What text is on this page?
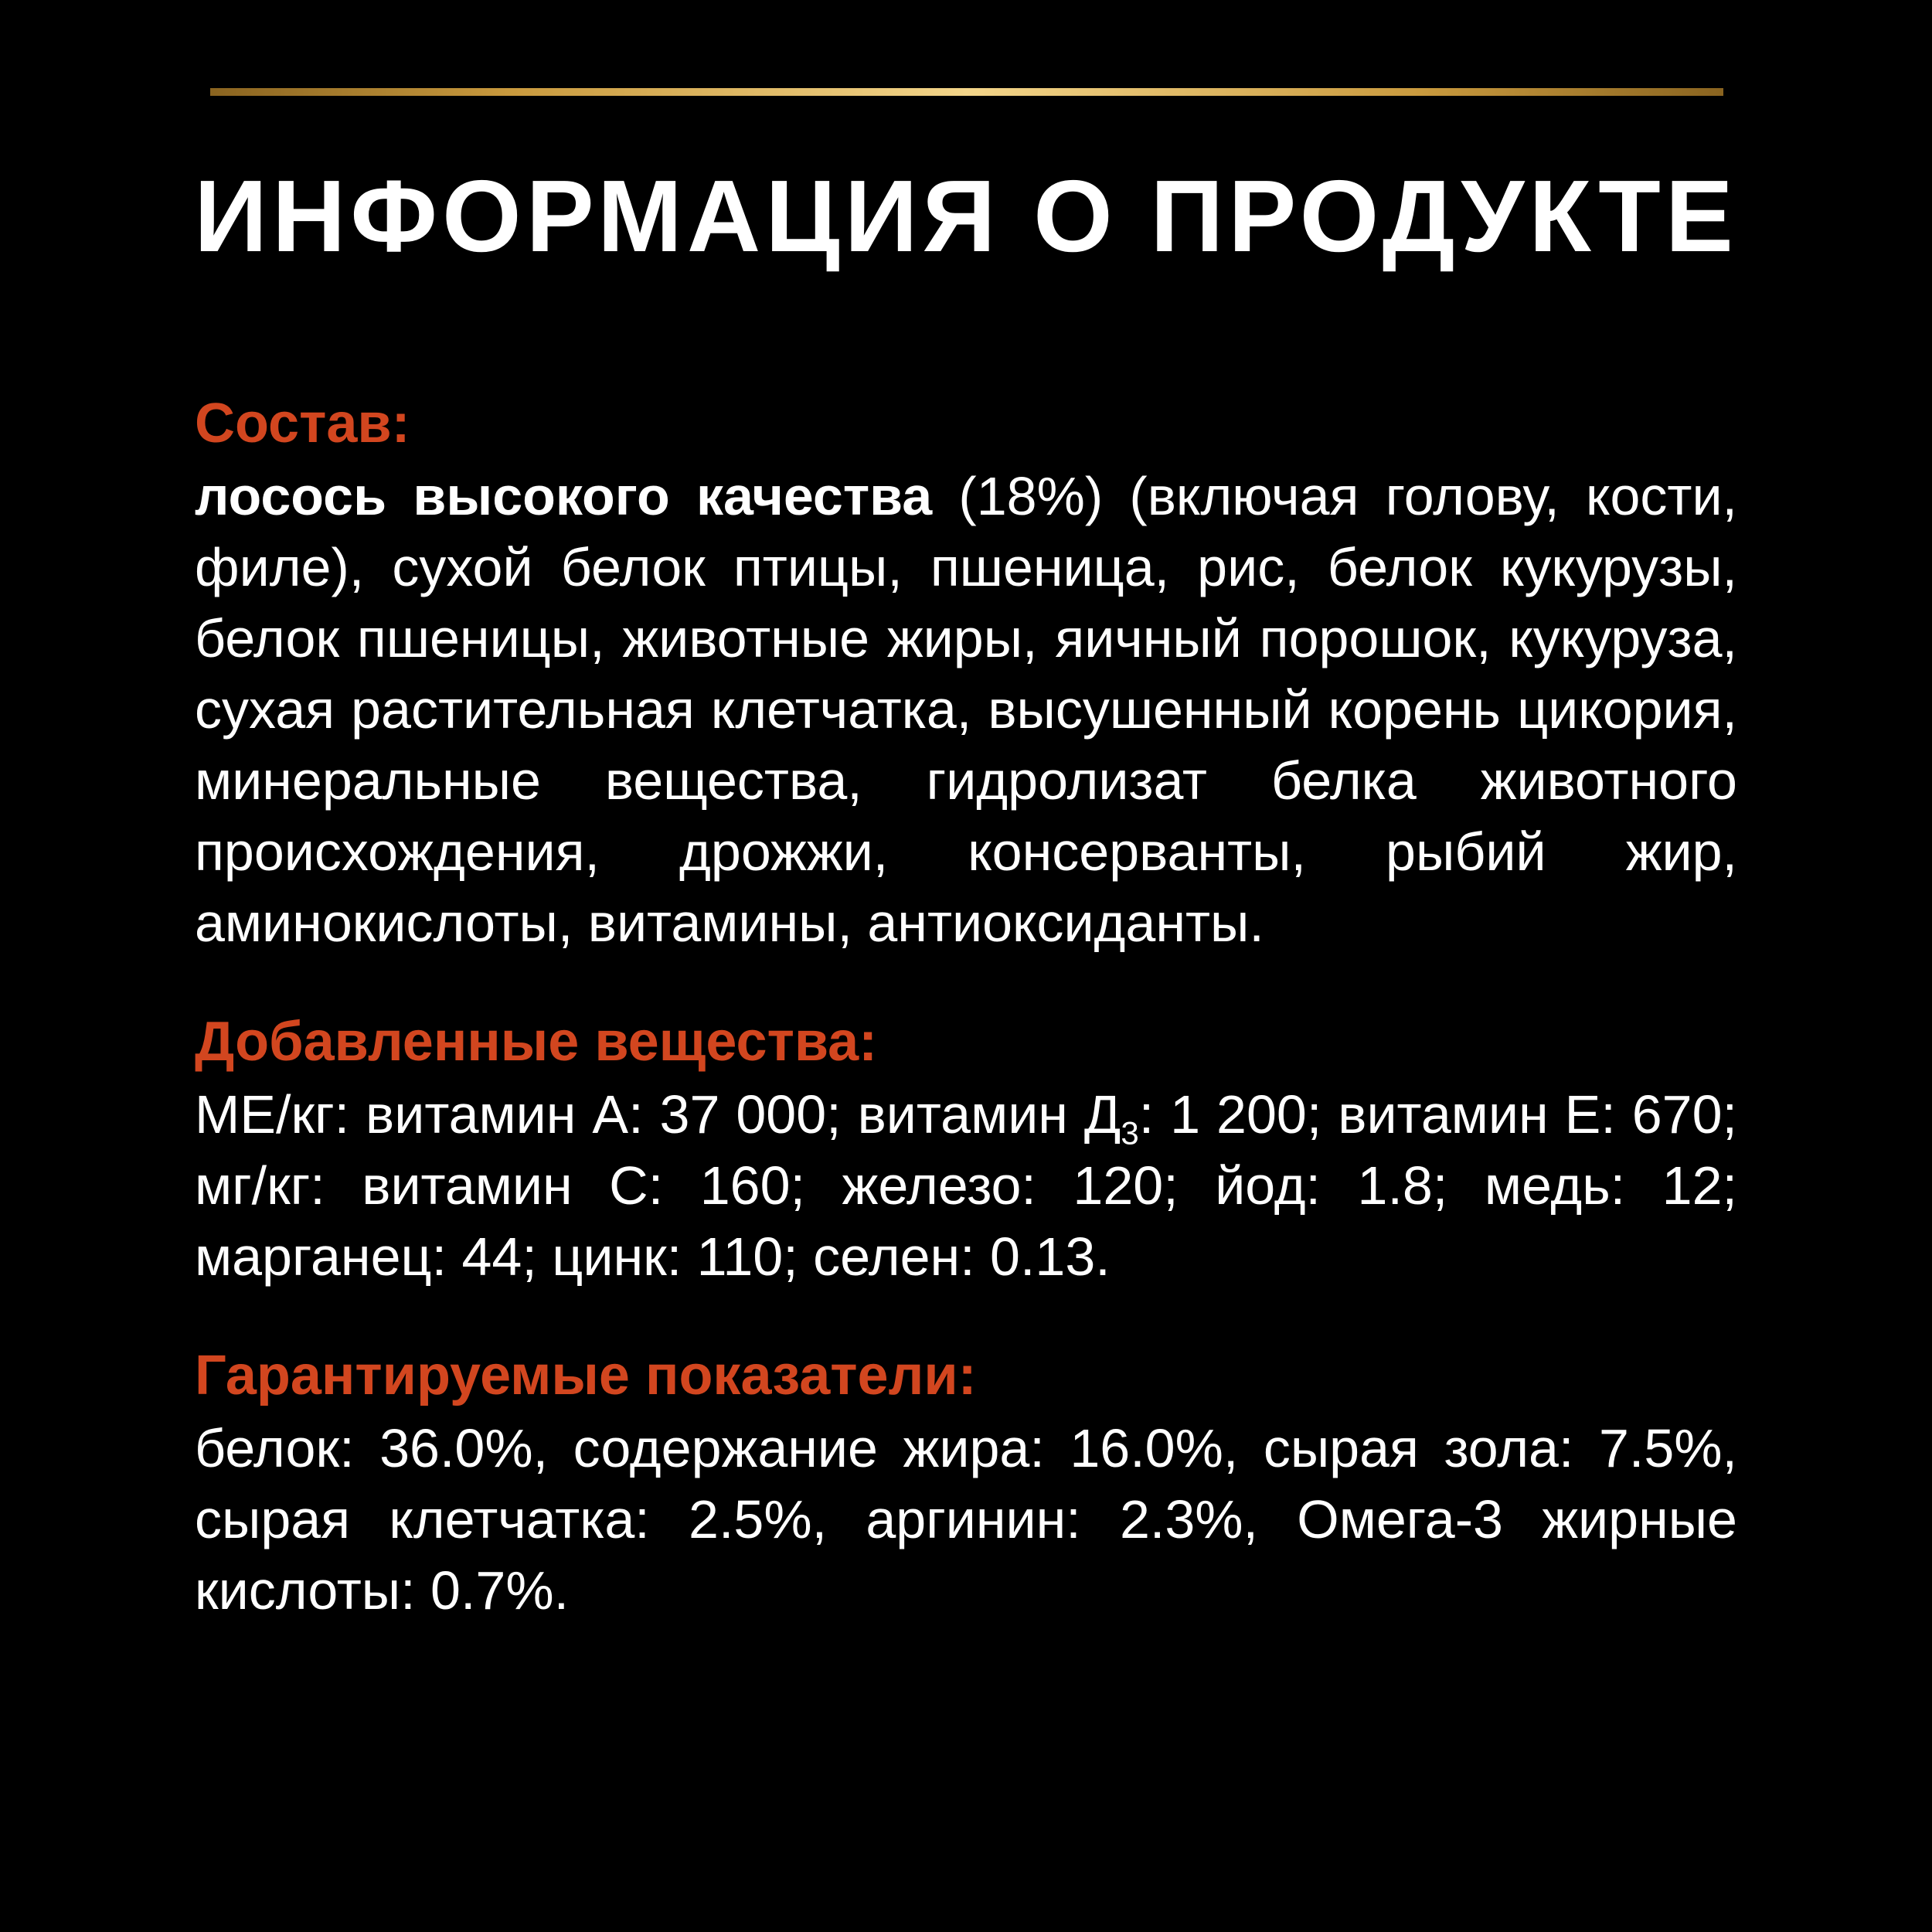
ИНФОРМАЦИЯ О ПРОДУКТЕ

Состав:

лосось высокого качества (18%) (включая голову, кости, филе), сухой белок птицы, пшеница, рис, белок кукурузы, белок пшеницы, животные жиры, яичный порошок, кукуруза, сухая растительная клетчатка, высушенный корень цикория, минеральные вещества, гидролизат белка животного происхождения, дрожжи, консерванты, рыбий жир, аминокислоты, витамины, антиоксиданты.

Добавленные вещества:

МЕ/кг: витамин А: 37 000; витамин $Д_3$: 1 200; витамин Е: 670; мг/кг: витамин С: 160; железо: 120; йод: 1.8; медь: 12; марганец: 44; цинк: 110; селен: 0.13.

Гарантируемые показатели:

белок: 36.0%, содержание жира: 16.0%, сырая зола: 7.5%, сырая клетчатка: 2.5%, аргинин: 2.3%, Омега-3 жирные кислоты: 0.7%.
